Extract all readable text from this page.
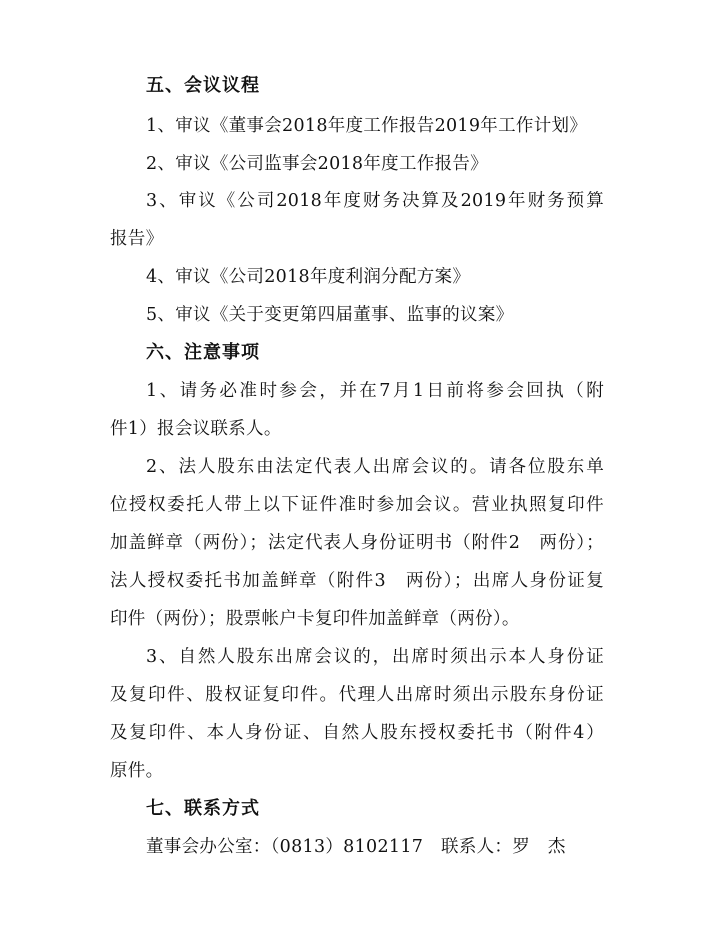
五、会议议程
1、审议《董事会2018年度工作报告2019年工作计划》
2、审议《公司监事会2018年度工作报告》
3、审议《公司2018年度财务决算及2019年财务预算
报告》
4、审议《公司2018年度利润分配方案》
5、审议《关于变更第四届董事、监事的议案》
六、注意事项
1、请务必准时参会，并在7月1日前将参会回执（附
件1）报会议联系人。
2、法人股东由法定代表人出席会议的。请各位股东单
位授权委托人带上以下证件准时参加会议。营业执照复印件
加盖鲜章（两份）；法定代表人身份证明书（附件2　两份）；
法人授权委托书加盖鲜章（附件3　两份）；出席人身份证复
印件（两份）；股票帐户卡复印件加盖鲜章（两份）。
3、自然人股东出席会议的，出席时须出示本人身份证
及复印件、股权证复印件。代理人出席时须出示股东身份证
及复印件、本人身份证、自然人股东授权委托书（附件4）
原件。
七、联系方式
董事会办公室：（0813）8102117　联系人：罗　杰
